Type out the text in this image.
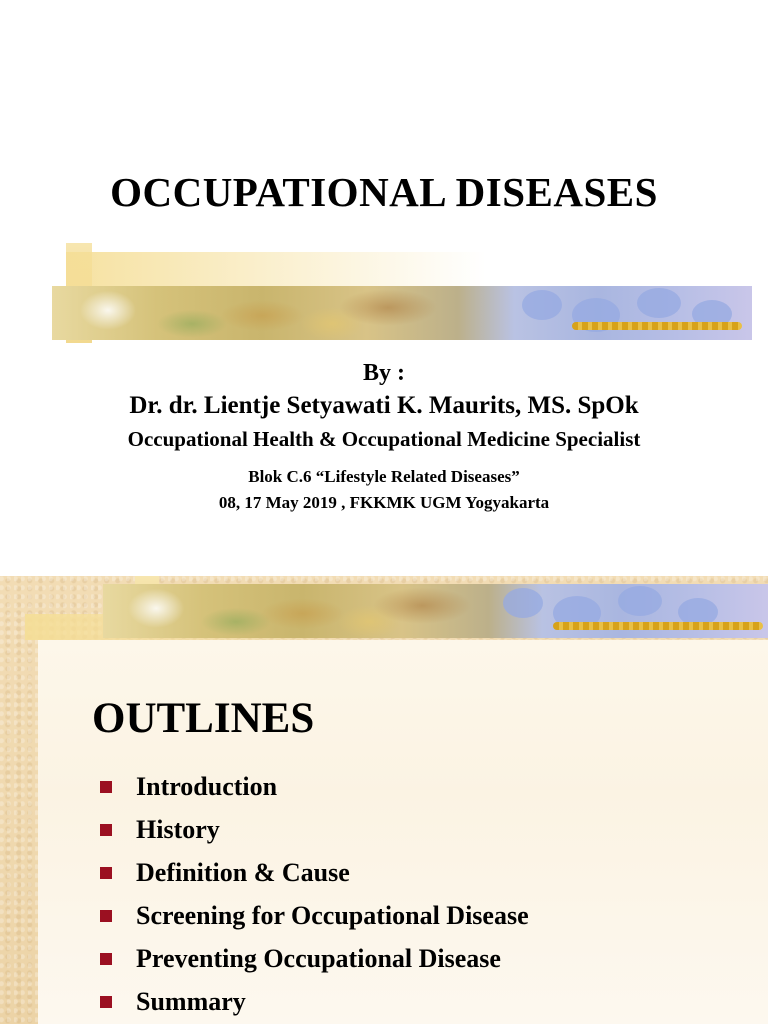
OCCUPATIONAL DISEASES
By :
Dr. dr. Lientje Setyawati K. Maurits, MS. SpOk
Occupational Health & Occupational Medicine Specialist
Blok C.6 “Lifestyle Related Diseases”
08, 17 May 2019 , FKKMK UGM Yogyakarta
OUTLINES
Introduction
History
Definition & Cause
Screening for Occupational Disease
Preventing Occupational Disease
Summary
